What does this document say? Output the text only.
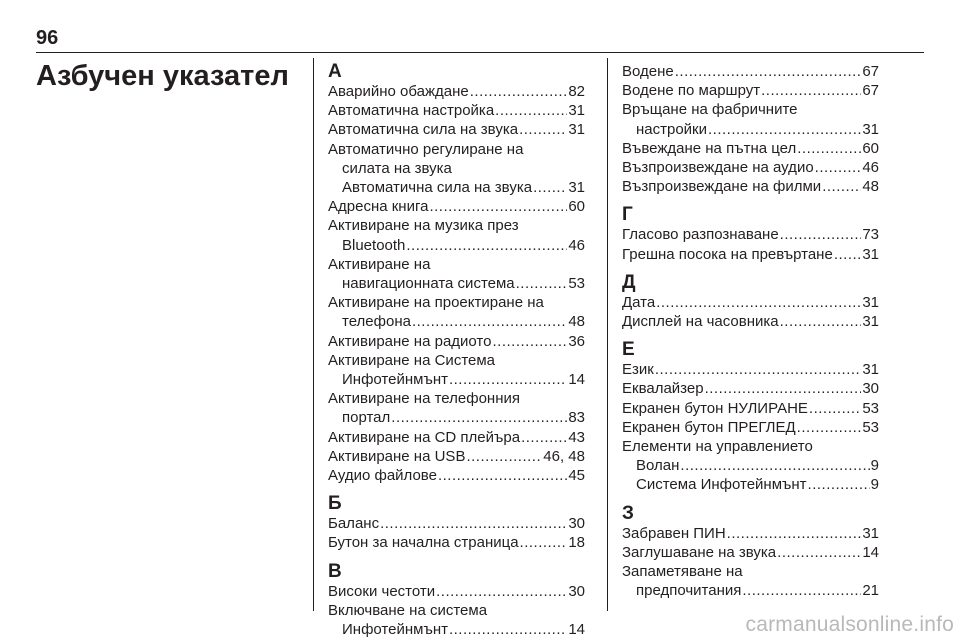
96
Азбучен указател А
Аварийно обаждане .....	82
Автоматична настройка .....	31
Автоматична сила на звука .....	31
Автоматично регулиране на
силата на звука
Автоматична сила на звука ..... 31
Адресна книга .....	60
Активиране на музика през
Bluetooth .....	46
Активиране на
навигационната система .....	53
Активиране на проектиране на
телефона .....	48
Активиране на радиото .....	36
Активиране на Система
Инфотейнмънт .....	14
Активиране на телефонния
портал .....	83
Активиране на CD плейъра .....	43
Активиране на USB .....	46, 48
Аудио файлове .....	45
Б
Баланс .....	30
Бутон за начална страница .....	18
В
Високи честоти .....	30
Включване на система
Инфотейнмънт .....	14
Водене .....	67
Водене по маршрут .....	67
Връщане на фабричните
настройки .....	31
Въвеждане на пътна цел .....	60
Възпроизвеждане на аудио .....	46
Възпроизвеждане на филми .....	48
Г
Гласово разпознаване .....	73
Грешна посока на превъртане ..... 31
Д
Дата .....	31
Дисплей на часовника .....	31
Е
Език .....	31
Еквалайзер .....	30
Екранен бутон НУЛИРАНЕ .....	53
Екранен бутон ПРЕГЛЕД .....	53
Елементи на управлението
Волан .....	9
Система Инфотейнмънт .....	9
З
Забравен ПИН .....	31
Заглушаване на звука .....	14
Запаметяване на
предпочитания .....	21
carmanualsonline.info
